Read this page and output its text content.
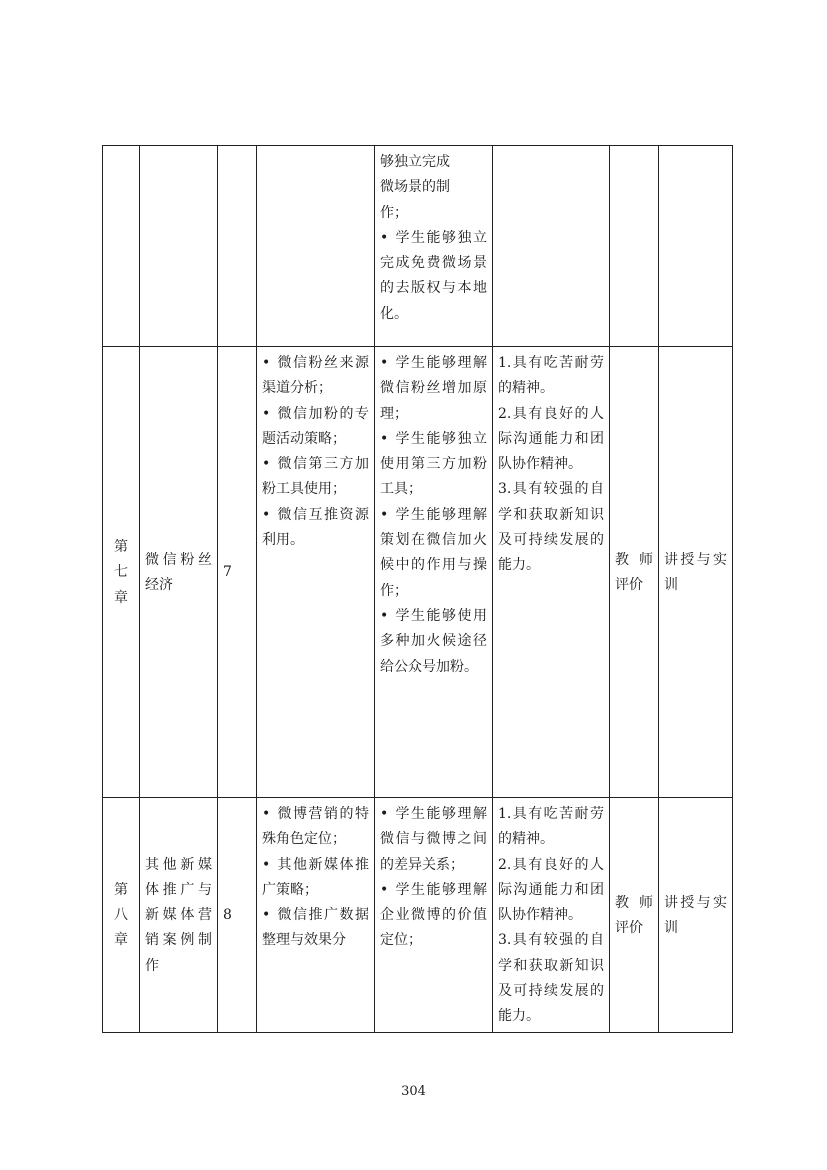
				够独立完成
微场景的制
作；
• 学生能够独立完成免费微场景的去版权与本地化。			

第七章	微信粉丝经济	7	• 微信粉丝来源渠道分析；
• 微信加粉的专题活动策略；
• 微信第三方加粉工具使用；
• 微信互推资源利用。	• 学生能够理解微信粉丝增加原理；
• 学生能够独立使用第三方加粉工具；
• 学生能够理解策划在微信加火候中的作用与操作；
• 学生能够使用多种加火候途径给公众号加粉。	1.具有吃苦耐劳的精神。
2.具有良好的人际沟通能力和团队协作精神。
3.具有较强的自学和获取新知识及可持续发展的能力。	教师评价	讲授与实训
第八章	其他新媒体推广与新媒体营销案例制作	8	• 微博营销的特殊角色定位；
• 其他新媒体推广策略；
• 微信推广数据整理与效果分	• 学生能够理解微信与微博之间的差异关系；
• 学生能够理解企业微博的价值定位；	1.具有吃苦耐劳的精神。
2.具有良好的人际沟通能力和团队协作精神。
3.具有较强的自学和获取新知识及可持续发展的能力。	教师评价	讲授与实训
304
